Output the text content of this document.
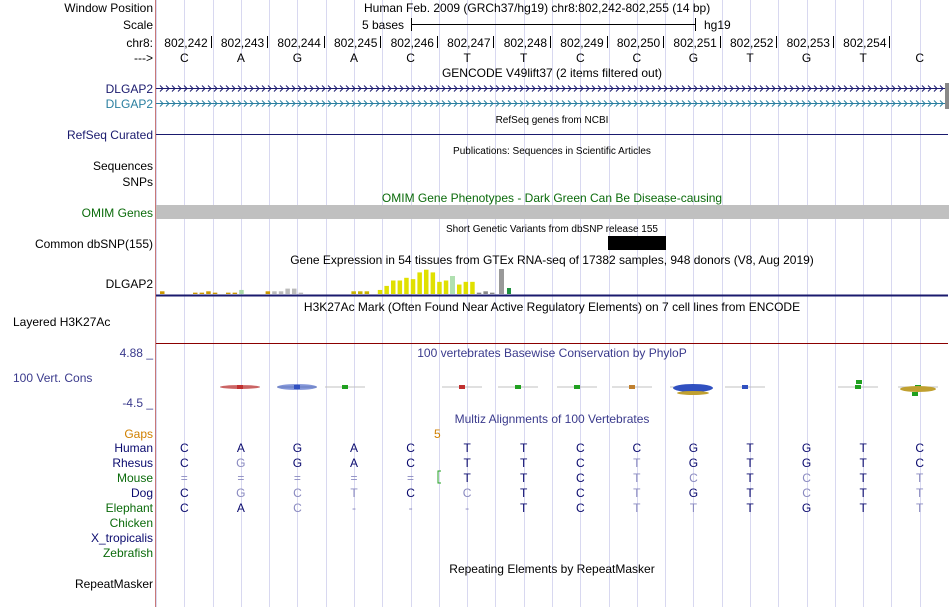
Window Position	Human Feb. 2009 (GRCh37/hg19) chr8:802,242-802,255 (14 bp)
Scale	5 bases	hg19
chr8:
--->
802,242 802,243 802,244 802,245 802,246 802,247 802,248 802,249 802,250 802,251 802,252 802,253 802,254
C	A	G	A	C	T	T	C	C	G	T	G	T	C
GENCODE V49lift37 (2 items filtered out)
DLGAP2
DLGAP2
RefSeq genes from NCBI
RefSeq Curated
Publications: Sequences in Scientific Articles
Sequences
SNPs
OMIM Gene Phenotypes - Dark Green Can Be Disease-causing
OMIM Genes
Short Genetic Variants from dbSNP release 155
Common dbSNP(155)
Gene Expression in 54 tissues from GTEx RNA-seq of 17382 samples, 948 donors (V8, Aug 2019)
DLGAP2
H3K27Ac Mark (Often Found Near Active Regulatory Elements) on 7 cell lines from ENCODE
Layered H3K27Ac
100 vertebrates Basewise Conservation by PhyloP
4.88 _
100 Vert. Cons
-4.5 _
Multiz Alignments of 100 Vertebrates
Gaps	5
Human C	A	G	A	C	T	T	C	C	G	T	G	T	C
Rhesus C	G	G	A	C	T	T	C	T	G	T	G	T	C
Mouse =	=	=	=	=	T	T	C	T	C	T	C	T	T
Dog C	G	C	T	C	C	T	C	T	G	T	C	T	T
Elephant C	A	C	-	-	-	T	C	T	T	T	G	T	T
Chicken
X_tropicalis
Zebrafish
Repeating Elements by RepeatMasker
RepeatMasker
